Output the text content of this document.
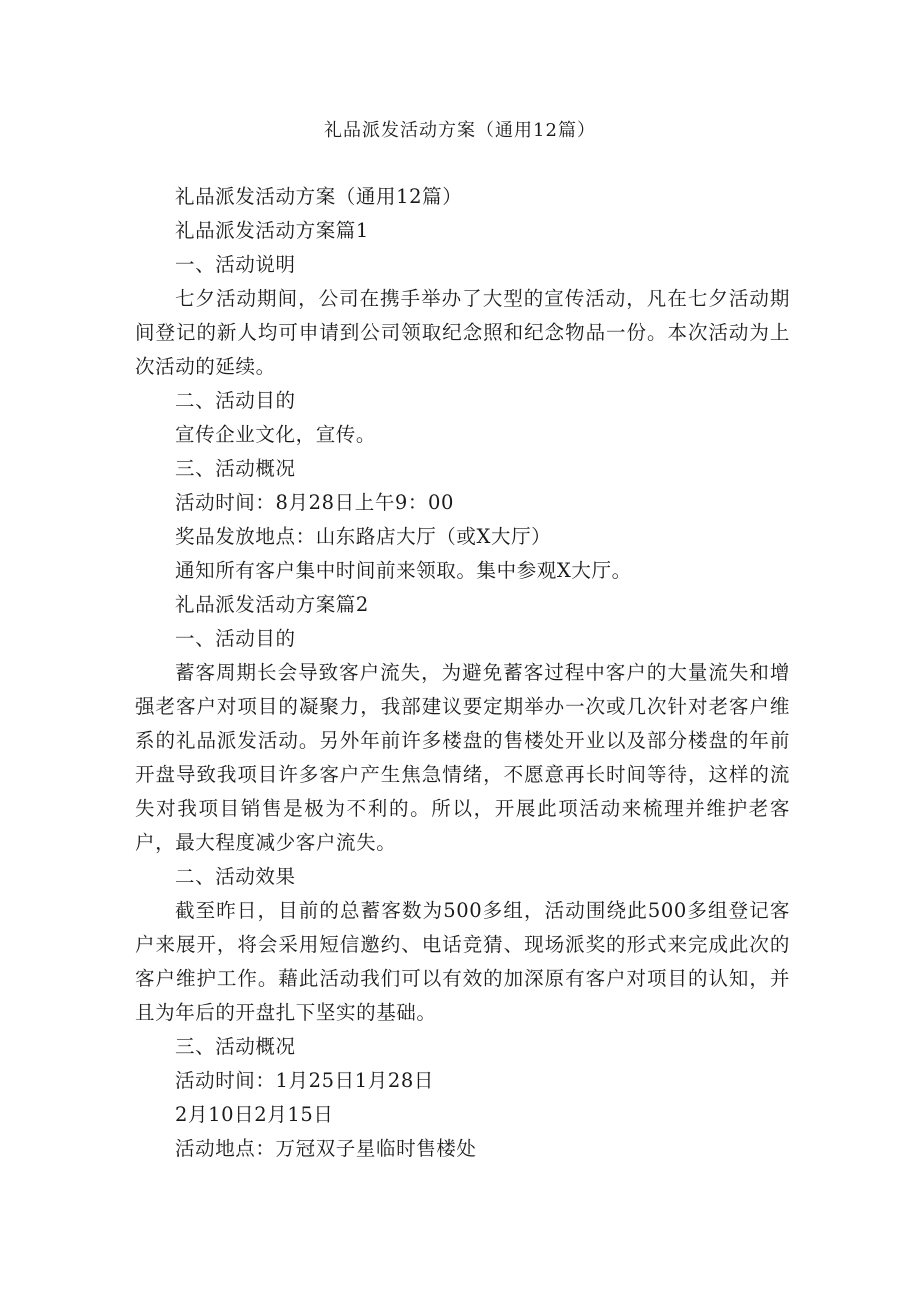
礼品派发活动方案（通用12篇）

礼品派发活动方案（通用12篇）

礼品派发活动方案篇1

一、活动说明

七夕活动期间，公司在携手举办了大型的宣传活动，凡在七夕活动期间登记的新人均可申请到公司领取纪念照和纪念物品一份。本次活动为上次活动的延续。

二、活动目的

宣传企业文化，宣传。

三、活动概况

活动时间：8月28日上午9：00

奖品发放地点：山东路店大厅（或X大厅）

通知所有客户集中时间前来领取。集中参观X大厅。

礼品派发活动方案篇2

一、活动目的

蓄客周期长会导致客户流失，为避免蓄客过程中客户的大量流失和增强老客户对项目的凝聚力，我部建议要定期举办一次或几次针对老客户维系的礼品派发活动。另外年前许多楼盘的售楼处开业以及部分楼盘的年前开盘导致我项目许多客户产生焦急情绪，不愿意再长时间等待，这样的流失对我项目销售是极为不利的。所以，开展此项活动来梳理并维护老客户，最大程度减少客户流失。

二、活动效果

截至昨日，目前的总蓄客数为500多组，活动围绕此500多组登记客户来展开，将会采用短信邀约、电话竞猜、现场派奖的形式来完成此次的客户维护工作。藉此活动我们可以有效的加深原有客户对项目的认知，并且为年后的开盘扎下坚实的基础。

三、活动概况

活动时间：1月25日1月28日

2月10日2月15日

活动地点：万冠双子星临时售楼处
